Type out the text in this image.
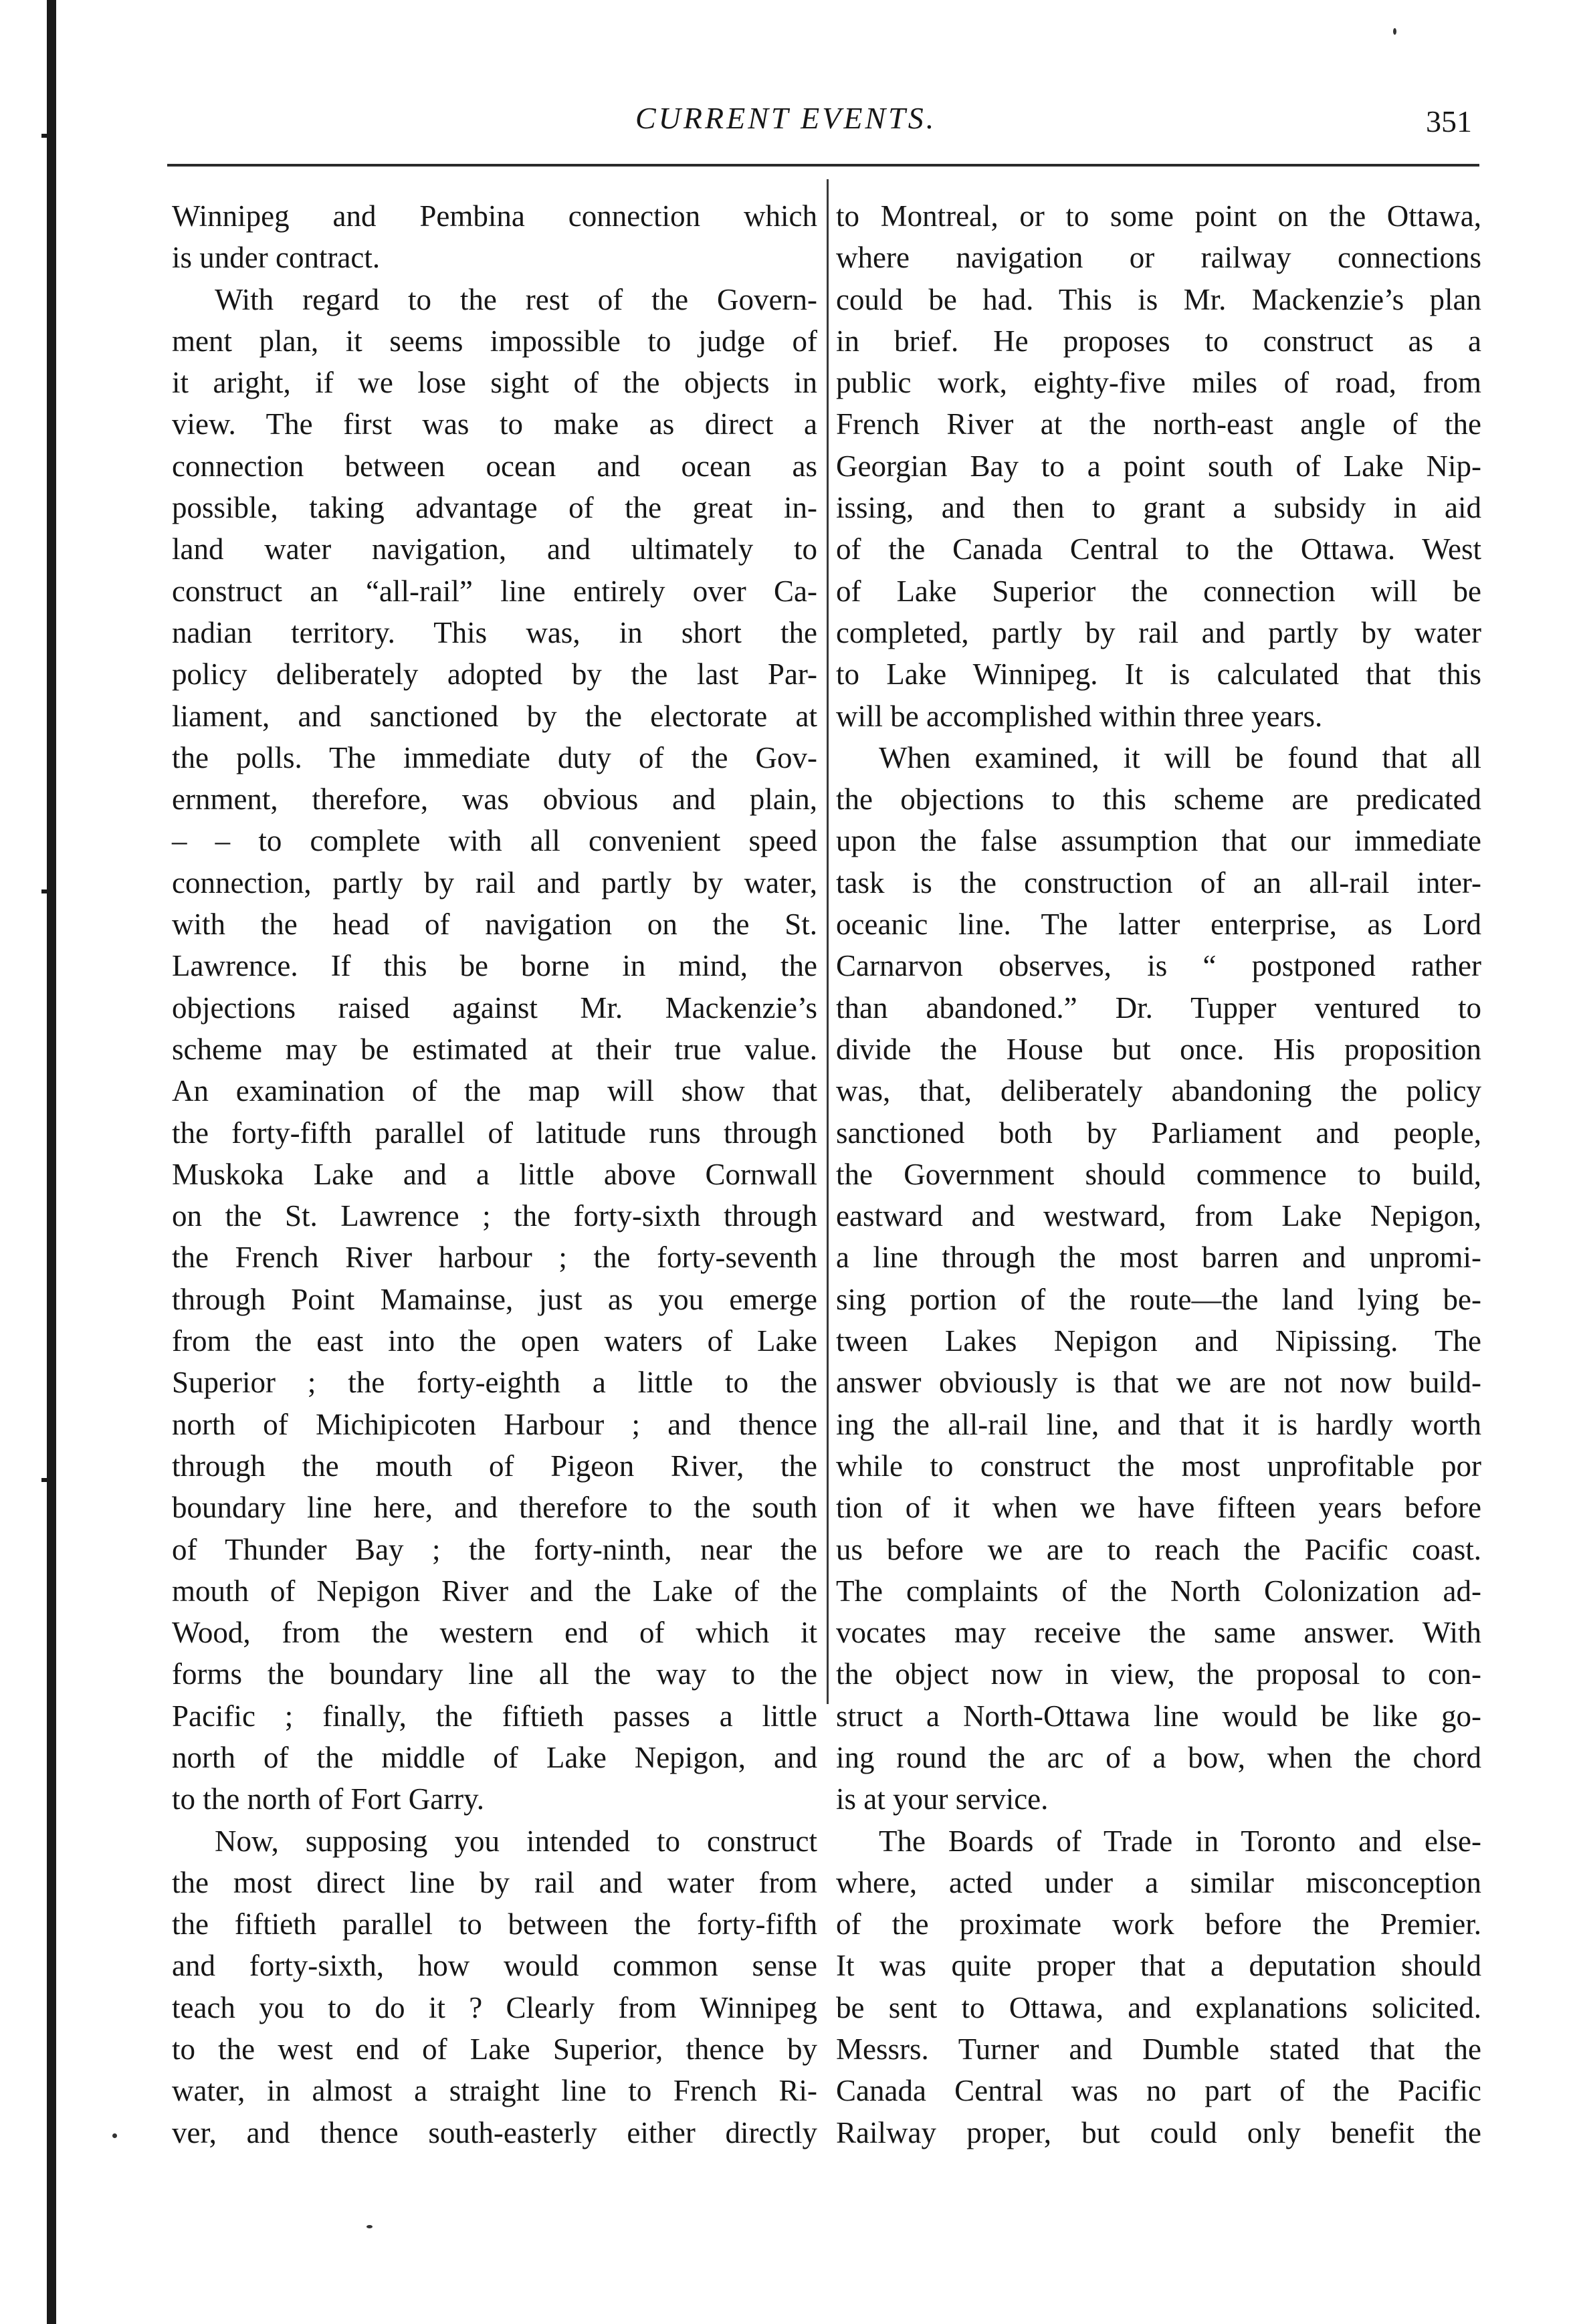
CURRENT EVENTS.	351
Winnipeg and Pembina connection which
is under contract.
With regard to the rest of the Govern-
ment plan, it seems impossible to judge of
it aright, if we lose sight of the objects in
view. The first was to make as direct a
connection between ocean and ocean as
possible, taking advantage of the great in-
land water navigation, and ultimately to
construct an “all-rail” line entirely over Ca-
nadian territory. This was, in short the
policy deliberately adopted by the last Par-
liament, and sanctioned by the electorate at
the polls. The immediate duty of the Gov-
ernment, therefore, was obvious and plain,
– – to complete with all convenient speed
connection, partly by rail and partly by water,
with the head of navigation on the St.
Lawrence. If this be borne in mind, the
objections raised against Mr. Mackenzie’s
scheme may be estimated at their true value.
An examination of the map will show that
the forty-fifth parallel of latitude runs through
Muskoka Lake and a little above Cornwall
on the St. Lawrence ; the forty-sixth through
the French River harbour ; the forty-seventh
through Point Mamainse, just as you emerge
from the east into the open waters of Lake
Superior ; the forty-eighth a little to the
north of Michipicoten Harbour ; and thence
through the mouth of Pigeon River, the
boundary line here, and therefore to the south
of Thunder Bay ; the forty-ninth, near the
mouth of Nepigon River and the Lake of the
Wood, from the western end of which it
forms the boundary line all the way to the
Pacific ; finally, the fiftieth passes a little
north of the middle of Lake Nepigon, and
to the north of Fort Garry.
Now, supposing you intended to construct
the most direct line by rail and water from
the fiftieth parallel to between the forty-fifth
and forty-sixth, how would common sense
teach you to do it ? Clearly from Winnipeg
to the west end of Lake Superior, thence by
water, in almost a straight line to French Ri-
ver, and thence south-easterly either directly
to Montreal, or to some point on the Ottawa,
where navigation or railway connections
could be had. This is Mr. Mackenzie’s plan
in brief. He proposes to construct as a
public work, eighty-five miles of road, from
French River at the north-east angle of the
Georgian Bay to a point south of Lake Nip-
issing, and then to grant a subsidy in aid
of the Canada Central to the Ottawa. West
of Lake Superior the connection will be
completed, partly by rail and partly by water
to Lake Winnipeg. It is calculated that this
will be accomplished within three years.
When examined, it will be found that all
the objections to this scheme are predicated
upon the false assumption that our immediate
task is the construction of an all-rail inter-
oceanic line. The latter enterprise, as Lord
Carnarvon observes, is “ postponed rather
than abandoned.” Dr. Tupper ventured to
divide the House but once. His proposition
was, that, deliberately abandoning the policy
sanctioned both by Parliament and people,
the Government should commence to build,
eastward and westward, from Lake Nepigon,
a line through the most barren and unpromi-
sing portion of the route—the land lying be-
tween Lakes Nepigon and Nipissing. The
answer obviously is that we are not now build-
ing the all-rail line, and that it is hardly worth
while to construct the most unprofitable por
tion of it when we have fifteen years before
us before we are to reach the Pacific coast.
The complaints of the North Colonization ad-
vocates may receive the same answer. With
the object now in view, the proposal to con-
struct a North-Ottawa line would be like go-
ing round the arc of a bow, when the chord
is at your service.
The Boards of Trade in Toronto and else-
where, acted under a similar misconception
of the proximate work before the Premier.
It was quite proper that a deputation should
be sent to Ottawa, and explanations solicited.
Messrs. Turner and Dumble stated that the
Canada Central was no part of the Pacific
Railway proper, but could only benefit the
